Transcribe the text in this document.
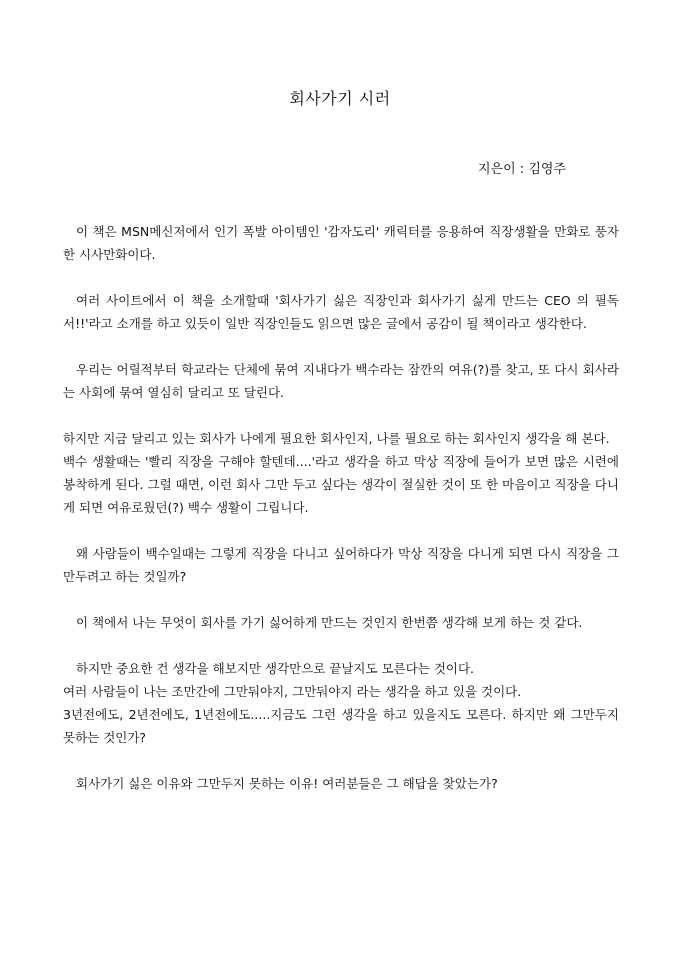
회사가기 시러
지은이 : 김영주

이 책은 MSN메신저에서 인기 폭발 아이템인 '감자도리' 캐릭터를 응용하여 직장생활을 만화로 풍자한 시사만화이다.

여러 사이트에서 이 책을 소개할때 '회사가기 싫은 직장인과 회사가기 싫게 만드는 CEO 의 필독서!!'라고 소개를 하고 있듯이 일반 직장인들도 읽으면 많은 글에서 공감이 될 책이라고 생각한다.

우리는 어릴적부터 학교라는 단체에 묶여 지내다가 백수라는 잠깐의 여유(?)를 찾고, 또 다시 회사라는 사회에 묶여 열심히 달리고 또 달린다.

하지만 지금 달리고 있는 회사가 나에게 필요한 회사인지, 나를 필요로 하는 회사인지 생각을 해 본다.

백수 생활때는 '빨리 직장을 구해야 할텐데....'라고 생각을 하고 막상 직장에 들어가 보면 많은 시련에 봉착하게 된다. 그럴 때면, 이런 회사 그만 두고 싶다는 생각이 절실한 것이 또 한 마음이고 직장을 다니게 되면 여유로웠던(?) 백수 생활이 그립니다.

왜 사람들이 백수일때는 그렇게 직장을 다니고 싶어하다가 막상 직장을 다니게 되면 다시 직장을 그만두려고 하는 것일까?

이 책에서 나는 무엇이 회사를 가기 싫어하게 만드는 것인지 한번쯤 생각해 보게 하는 것 같다.

하지만 중요한 건 생각을 해보지만 생각만으로 끝날지도 모른다는 것이다.

여러 사람들이 나는 조만간에 그만둬야지, 그만둬야지 라는 생각을 하고 있을 것이다.

3년전에도, 2년전에도, 1년전에도.....지금도 그런 생각을 하고 있을지도 모른다. 하지만 왜 그만두지 못하는 것인가?

회사가기 싫은 이유와 그만두지 못하는 이유! 여러분들은 그 해답을 찾았는가?
